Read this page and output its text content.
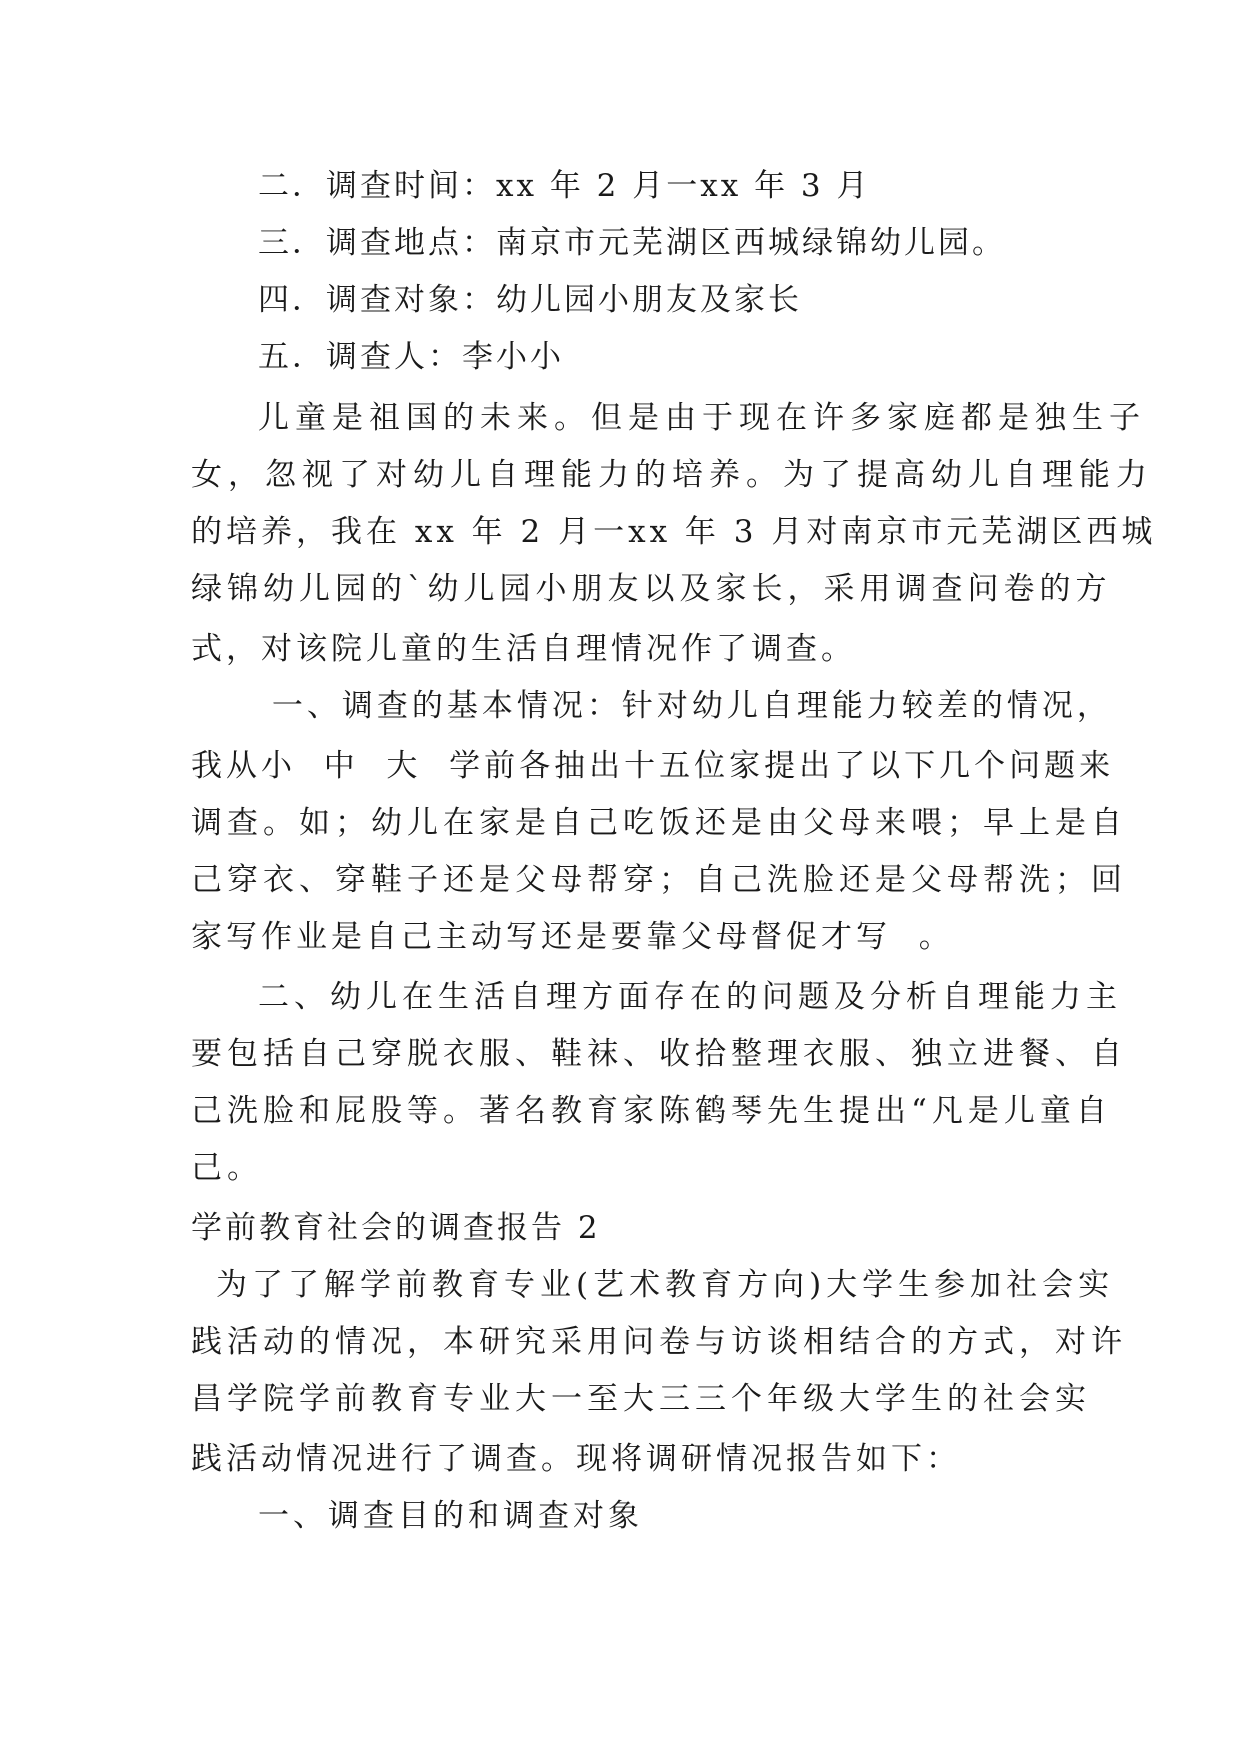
二．调查时间：xx 年 2 月一xx 年 3 月
三．调查地点：南京市元芜湖区西城绿锦幼儿园。
四．调查对象：幼儿园小朋友及家长
五．调查人：李小小
儿童是祖国的未来。但是由于现在许多家庭都是独生子
女，忽视了对幼儿自理能力的培养。为了提高幼儿自理能力
的培养，我在 xx 年 2 月一xx 年 3 月对南京市元芜湖区西城
绿锦幼儿园的`幼儿园小朋友以及家长，采用调查问卷的方
式，对该院儿童的生活自理情况作了调查。
一、调查的基本情况：针对幼儿自理能力较差的情况，
我从小  中  大  学前各抽出十五位家提出了以下几个问题来
调查。如；幼儿在家是自己吃饭还是由父母来喂；早上是自
己穿衣、穿鞋子还是父母帮穿；自己洗脸还是父母帮洗；回
家写作业是自己主动写还是要靠父母督促才写  。
二、幼儿在生活自理方面存在的问题及分析自理能力主
要包括自己穿脱衣服、鞋袜、收拾整理衣服、独立进餐、自
己洗脸和屁股等。著名教育家陈鹤琴先生提出“凡是儿童自
己。
学前教育社会的调查报告 2
为了了解学前教育专业(艺术教育方向)大学生参加社会实
践活动的情况，本研究采用问卷与访谈相结合的方式，对许
昌学院学前教育专业大一至大三三个年级大学生的社会实
践活动情况进行了调查。现将调研情况报告如下：
一、调查目的和调查对象
